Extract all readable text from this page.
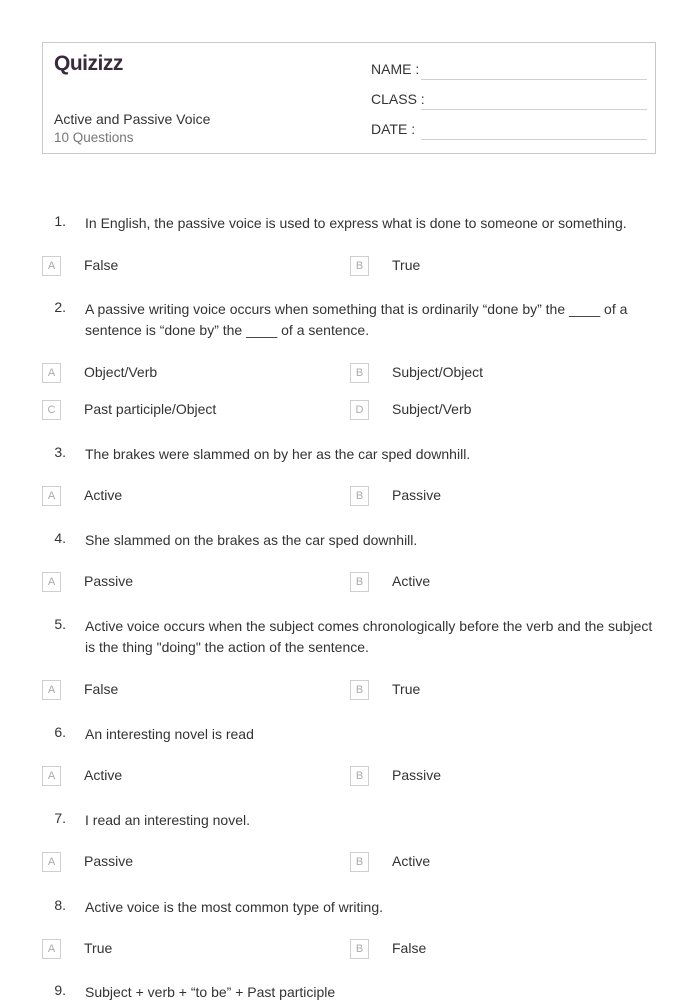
Quizizz
Active and Passive Voice
10 Questions
NAME :
CLASS :
DATE :
1. In English, the passive voice is used to express what is done to someone or something.
A	False	B	True
2. A passive writing voice occurs when something that is ordinarily “done by” the ____ of a sentence is “done by” the ____ of a sentence.
A	Object/Verb	B	Subject/Object
C	Past participle/Object	D	Subject/Verb
3. The brakes were slammed on by her as the car sped downhill.
A	Active	B	Passive
4. She slammed on the brakes as the car sped downhill.
A	Passive	B	Active
5. Active voice occurs when the subject comes chronologically before the verb and the subject is the thing "doing" the action of the sentence.
A	False	B	True
6. An interesting novel is read
A	Active	B	Passive
7. I read an interesting novel.
A	Passive	B	Active
8. Active voice is the most common type of writing.
A	True	B	False
9. Subject + verb + “to be” + Past participle
